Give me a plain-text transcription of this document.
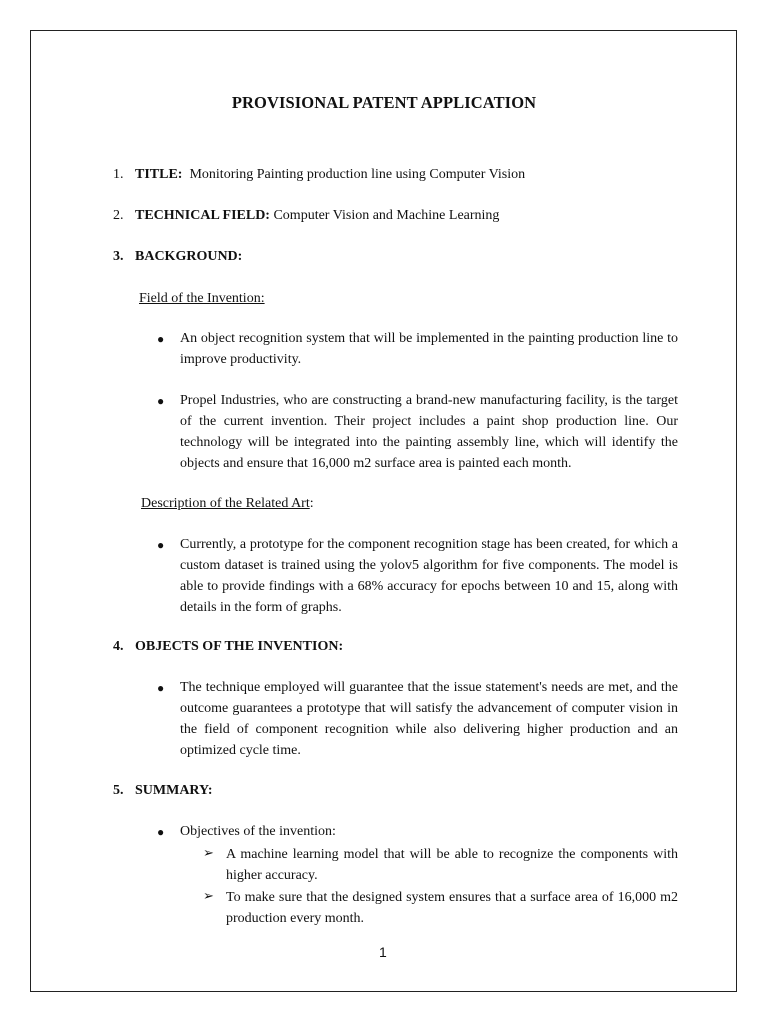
PROVISIONAL PATENT APPLICATION
1. TITLE: Monitoring Painting production line using Computer Vision
2. TECHNICAL FIELD: Computer Vision and Machine Learning
3. BACKGROUND:
Field of the Invention:
● An object recognition system that will be implemented in the painting production line to improve productivity.
● Propel Industries, who are constructing a brand-new manufacturing facility, is the target of the current invention. Their project includes a paint shop production line. Our technology will be integrated into the painting assembly line, which will identify the objects and ensure that 16,000 m2 surface area is painted each month.
Description of the Related Art:
● Currently, a prototype for the component recognition stage has been created, for which a custom dataset is trained using the yolov5 algorithm for five components. The model is able to provide findings with a 68% accuracy for epochs between 10 and 15, along with details in the form of graphs.
4. OBJECTS OF THE INVENTION:
● The technique employed will guarantee that the issue statement's needs are met, and the outcome guarantees a prototype that will satisfy the advancement of computer vision in the field of component recognition while also delivering higher production and an optimized cycle time.
5. SUMMARY:
● Objectives of the invention:
➢ A machine learning model that will be able to recognize the components with higher accuracy.
➢ To make sure that the designed system ensures that a surface area of 16,000 m2 production every month.
1
